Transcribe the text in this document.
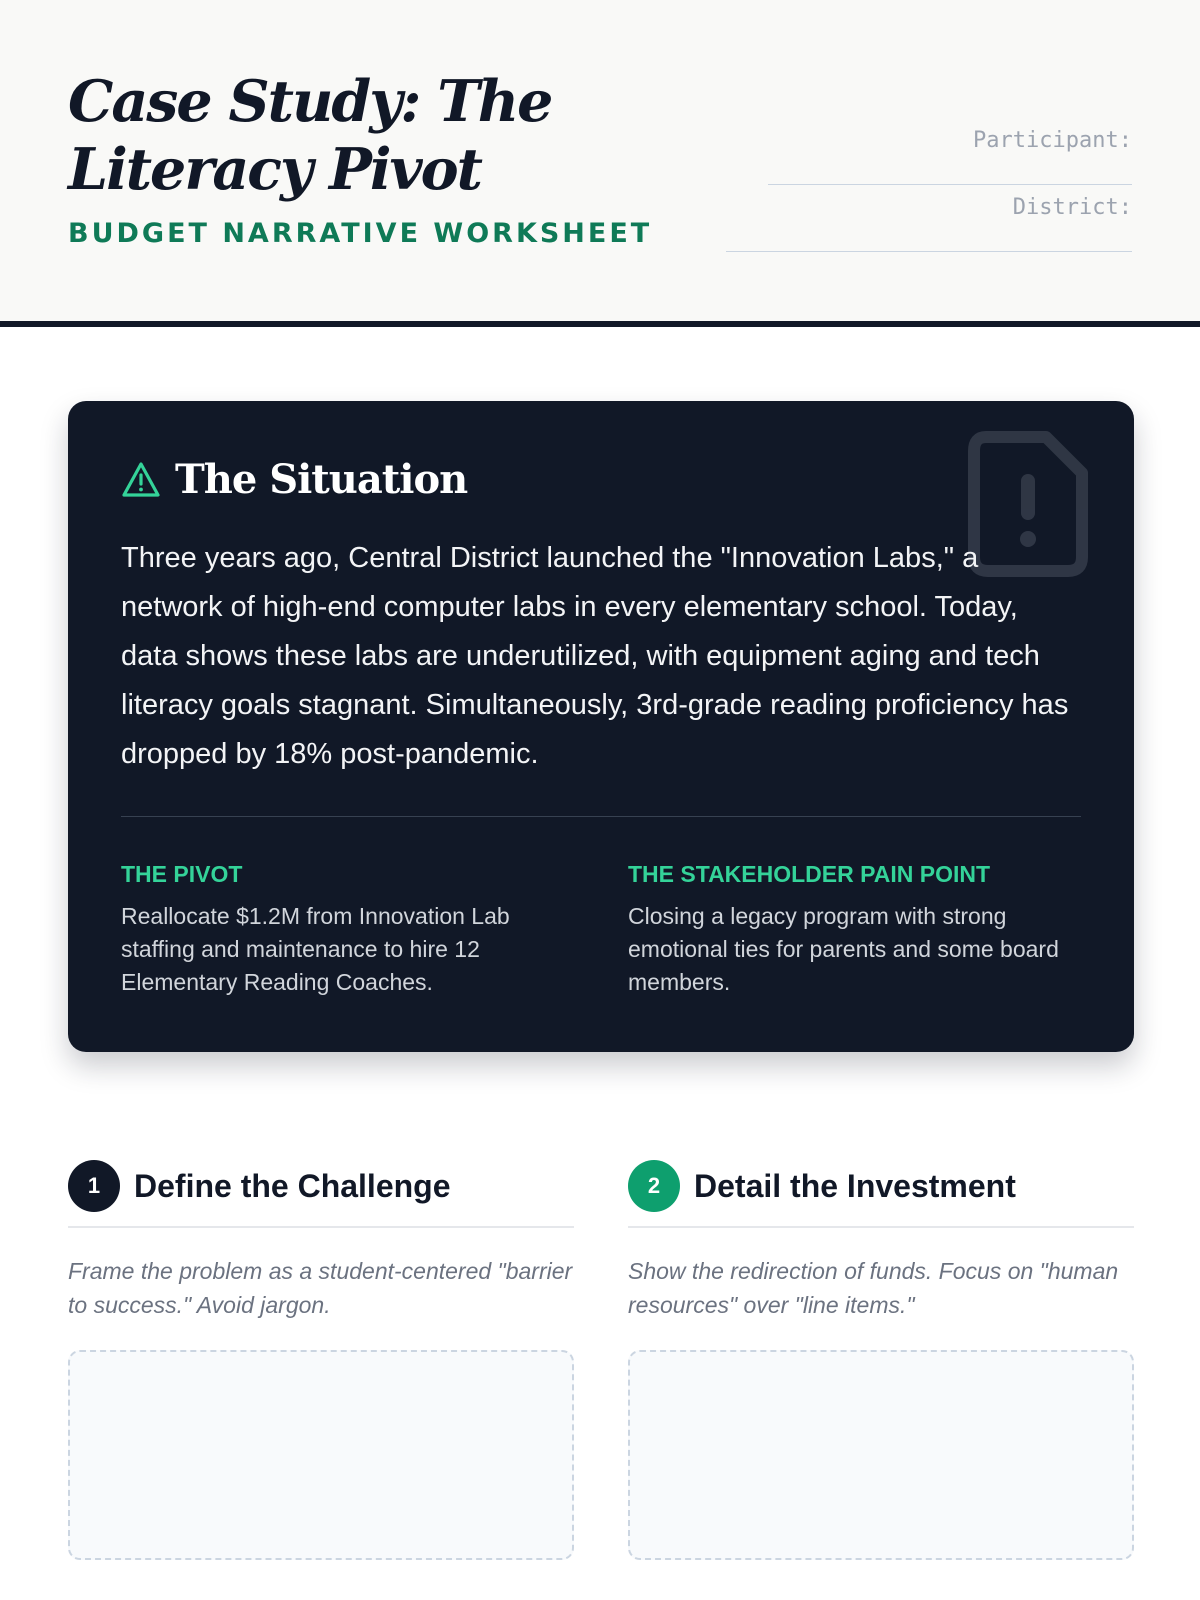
Case Study: The Literacy Pivot
BUDGET NARRATIVE WORKSHEET
Participant:
District:
The Situation

Three years ago, Central District launched the "Innovation Labs," a network of high-end computer labs in every elementary school. Today, data shows these labs are underutilized, with equipment aging and tech literacy goals stagnant. Simultaneously, 3rd-grade reading proficiency has dropped by 18% post-pandemic.

THE PIVOT
Reallocate $1.2M from Innovation Lab staffing and maintenance to hire 12 Elementary Reading Coaches.
THE STAKEHOLDER PAIN POINT
Closing a legacy program with strong emotional ties for parents and some board members.
1	Define the Challenge

Frame the problem as a student-centered "barrier to success." Avoid jargon.

2	Detail the Investment

Show the redirection of funds. Focus on "human resources" over "line items."
